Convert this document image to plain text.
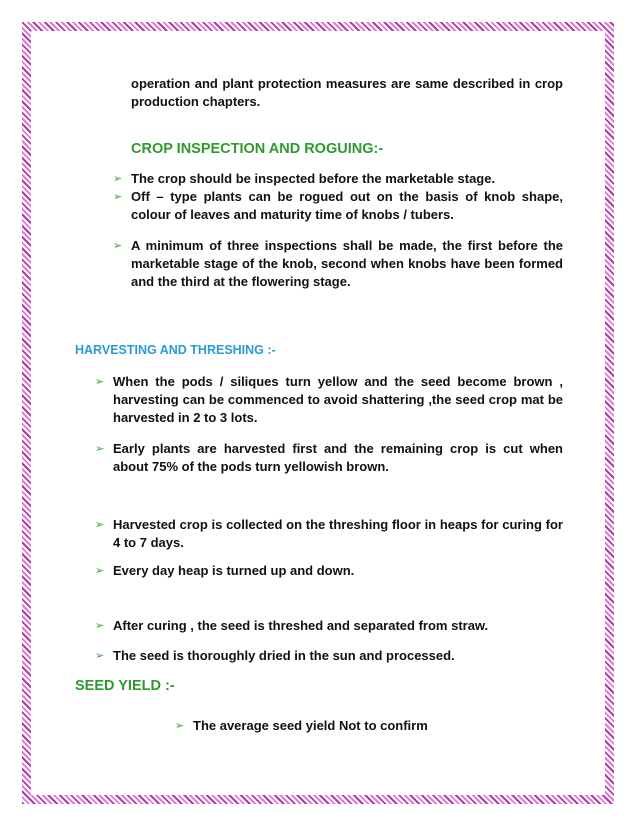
operation and plant protection measures are same described in crop production chapters.

CROP INSPECTION AND ROGUING:-

➢ The crop should be inspected before the marketable stage.

➢ Off – type plants can be rogued out on the basis of knob shape, colour of leaves and maturity time of knobs / tubers.

➢ A minimum of three inspections shall be made, the first before the marketable stage of the knob, second when knobs have been formed and the third at the flowering stage.

HARVESTING AND THRESHING :-

➢ When the pods / siliques turn yellow and the seed become brown , harvesting can be commenced to avoid shattering ,the seed crop mat be harvested in 2 to 3 lots.

➢ Early plants are harvested first and the remaining crop is cut when about 75% of the pods turn yellowish brown.

➢ Harvested crop is collected on the threshing floor in heaps for curing for 4 to 7 days.

➢ Every day heap is turned up and down.

➢ After curing , the seed is threshed and separated from straw.

➢ The seed is thoroughly dried in the sun and processed.

SEED YIELD :-

➢ The average seed yield Not to confirm
